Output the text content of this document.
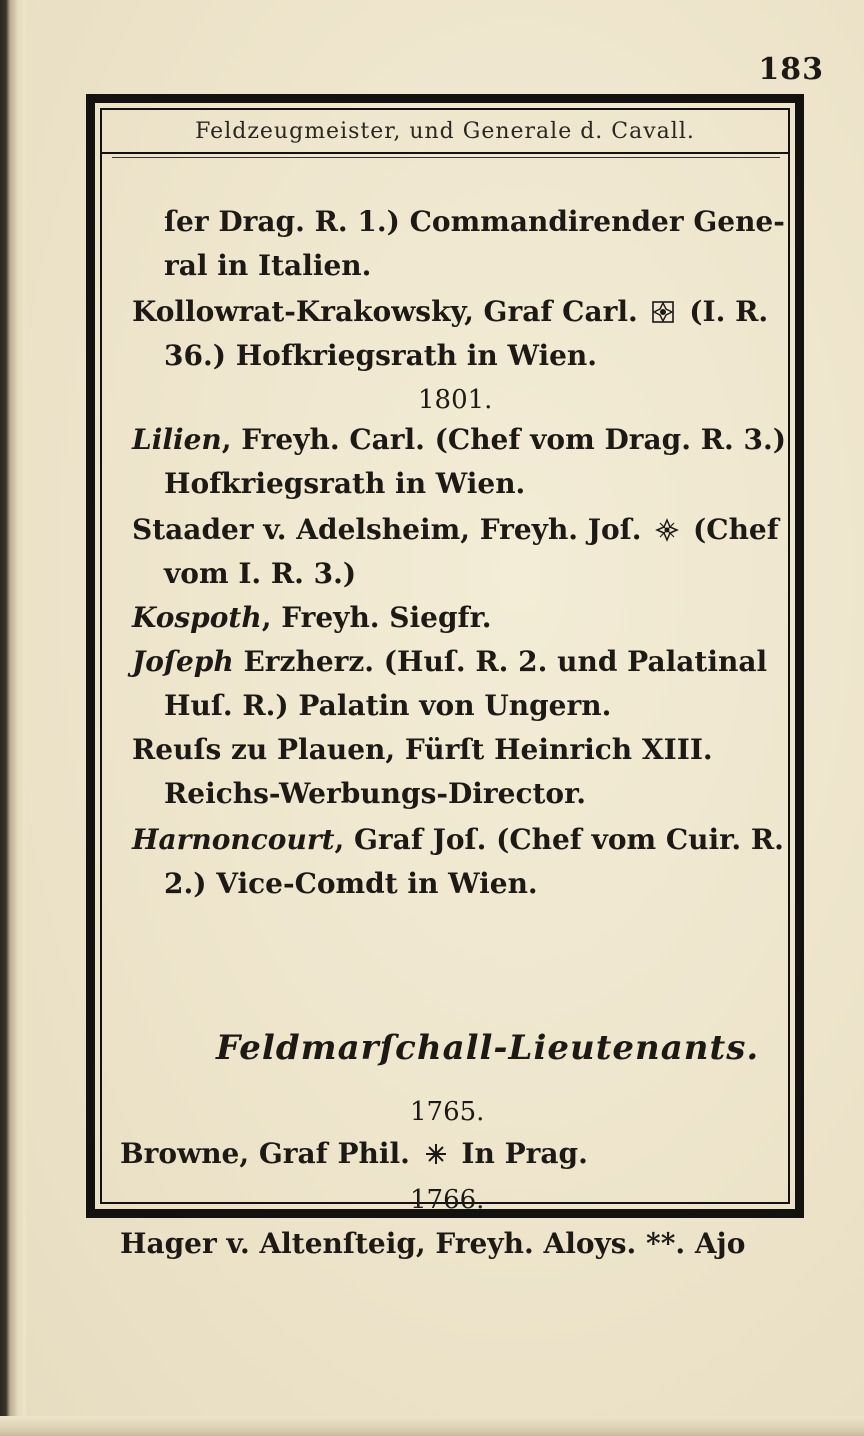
183
Feldzeugmeister, und Generale d. Cavall.
ſer Drag. R. 1.) Commandirender Gene-
ral in Italien.
Kollowrat-Krakowsky, Graf Carl. (I. R.
36.) Hofkriegsrath in Wien.
1801.
Lilien, Freyh. Carl. (Chef vom Drag. R. 3.)
Hofkriegsrath in Wien.
Staader v. Adelsheim, Freyh. Joſ. (Chef
vom I. R. 3.)
Kospoth, Freyh. Siegfr.
Joſeph Erzherz. (Huſ. R. 2. und Palatinal
Huſ. R.) Palatin von Ungern.
Reuſs zu Plauen, Fürſt Heinrich XIII.
Reichs-Werbungs-Director.
Harnoncourt, Graf Joſ. (Chef vom Cuir. R.
2.) Vice-Comdt in Wien.
Feldmarſchall-Lieutenants.
1765.
Browne, Graf Phil. In Prag.
1766.
Hager v. Altenſteig, Freyh. Aloys. **. Ajo
